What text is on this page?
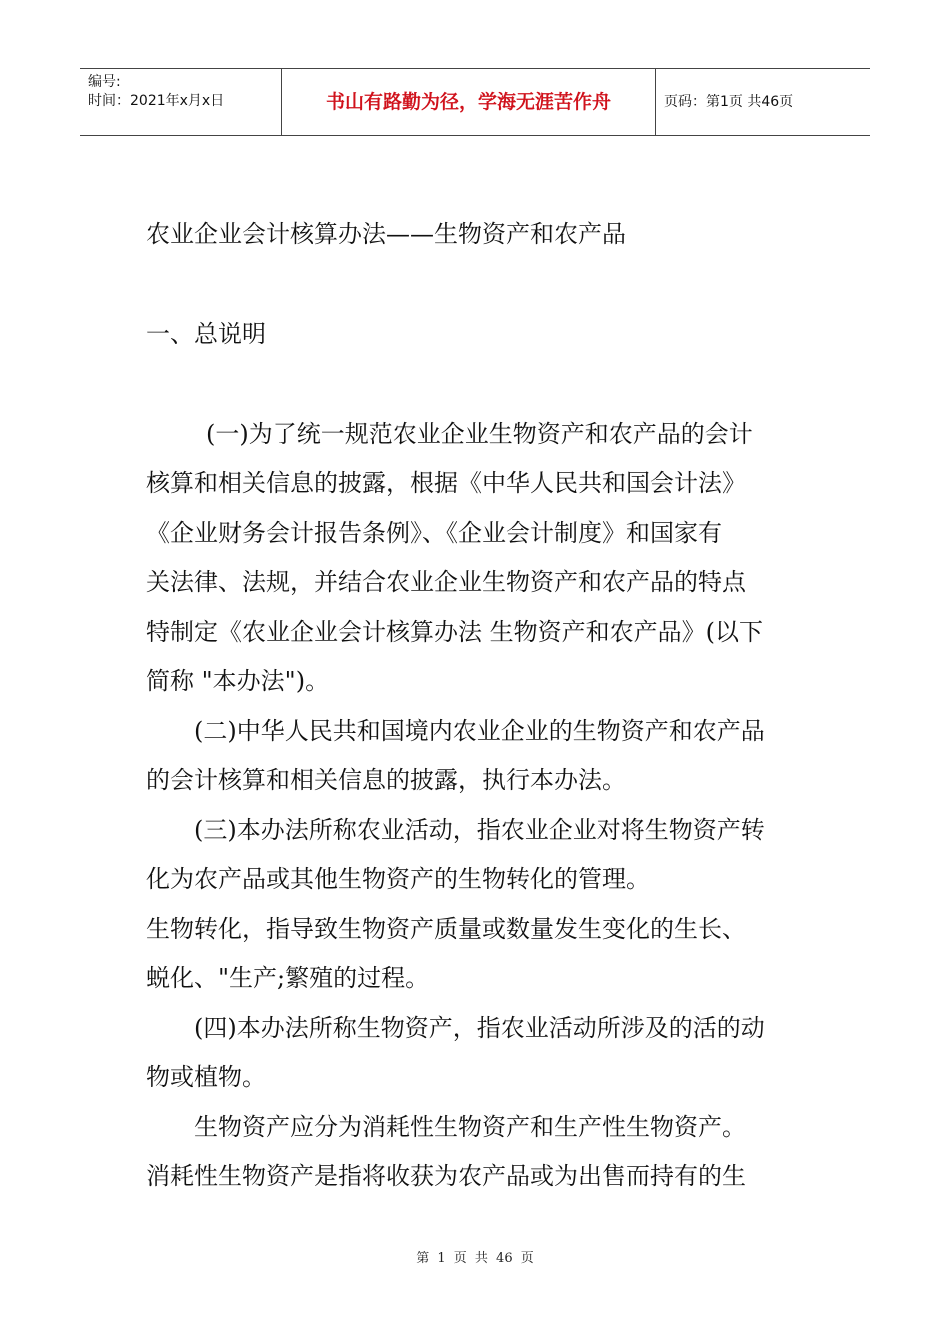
编号:
时间：2021年x月x日	书山有路勤为径，学海无涯苦作舟	页码：第1页 共46页
农业企业会计核算办法——生物资产和农产品
一、总说明
(一)为了统一规范农业企业生物资产和农产品的会计
核算和相关信息的披露，根据《中华人民共和国会计法》
《企业财务会计报告条例》、《企业会计制度》和国家有
关法律、法规，并结合农业企业生物资产和农产品的特点
特制定《农业企业会计核算办法 生物资产和农产品》(以下
简称 "本办法")。
(二)中华人民共和国境内农业企业的生物资产和农产品
的会计核算和相关信息的披露，执行本办法。
(三)本办法所称农业活动，指农业企业对将生物资产转
化为农产品或其他生物资产的生物转化的管理。
生物转化，指导致生物资产质量或数量发生变化的生长、
蜕化、"生产;繁殖的过程。
(四)本办法所称生物资产，指农业活动所涉及的活的动
物或植物。
生物资产应分为消耗性生物资产和生产性生物资产。
消耗性生物资产是指将收获为农产品或为出售而持有的生
第 1 页 共 46 页
